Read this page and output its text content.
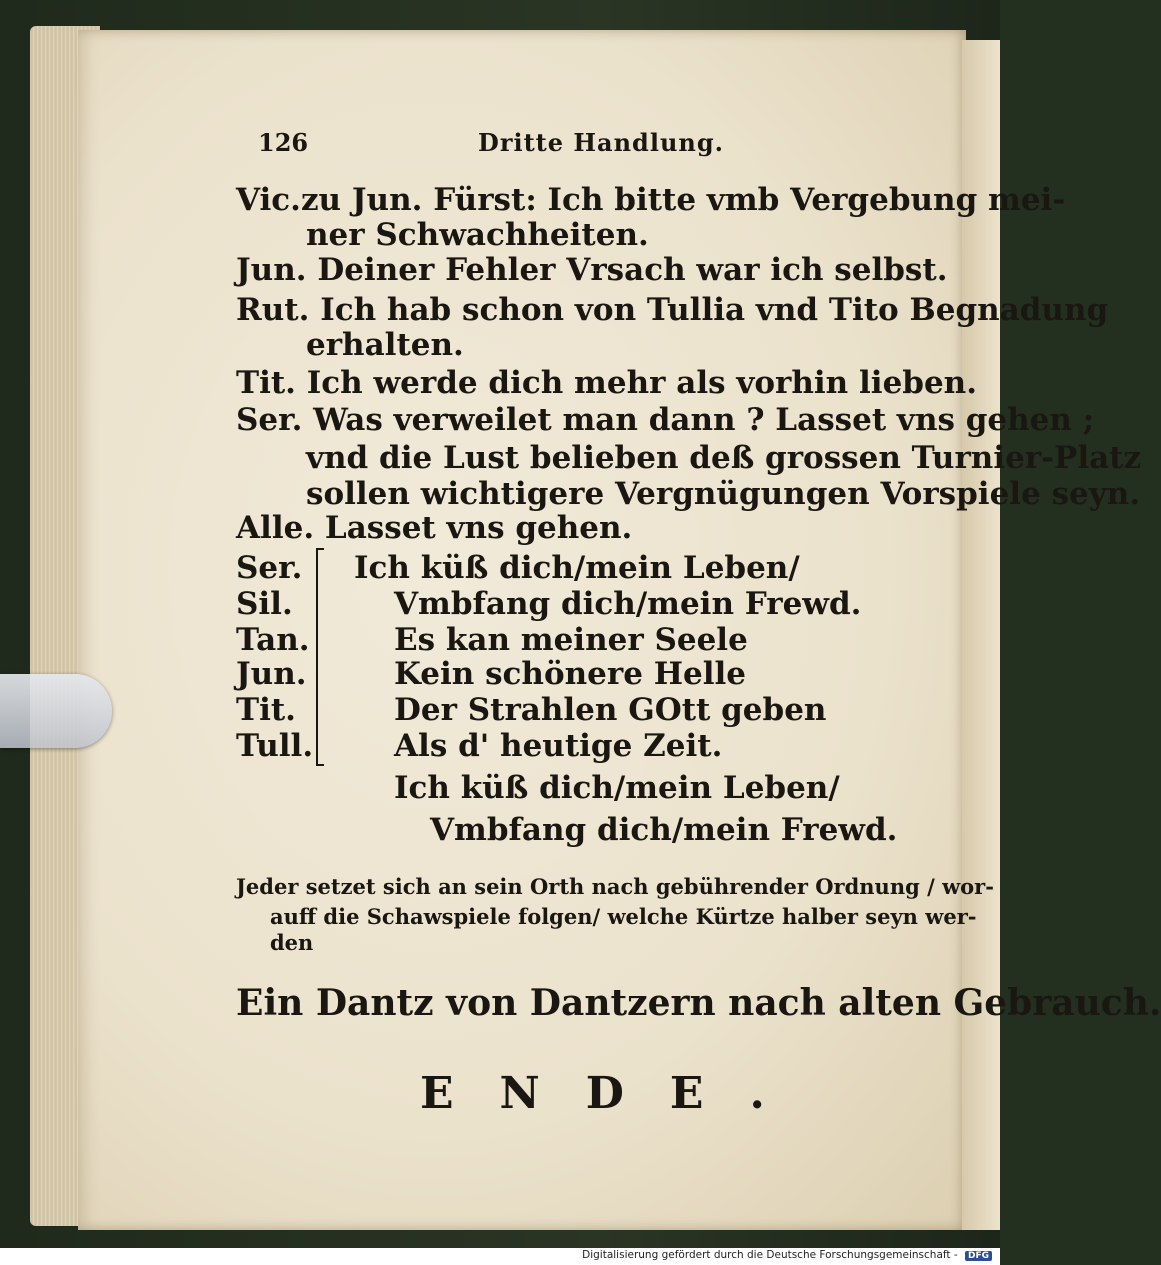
126	Dritte Handlung.
Vic.zu Jun. Fürst: Ich bitte vmb Vergebung mei-
ner Schwachheiten.
Jun. Deiner Fehler Vrsach war ich selbst.
Rut. Ich hab schon von Tullia vnd Tito Begnadung
erhalten.
Tit. Ich werde dich mehr als vorhin lieben.
Ser. Was verweilet man dann ? Lasset vns gehen ;
vnd die Lust belieben deß grossen Turnier-Platz
sollen wichtigere Vergnügungen Vorspiele seyn.
Alle. Lasset vns gehen.
Ser.
Sil.
Tan.
Jun.
Tit.
Tull.
Ich küß dich/mein Leben/
Vmbfang dich/mein Frewd.
Es kan meiner Seele
Kein schönere Helle
Der Strahlen GOtt geben
Als d' heutige Zeit.
Ich küß dich/mein Leben/
Vmbfang dich/mein Frewd.
Jeder setzet sich an sein Orth nach gebührender Ordnung / wor-
auff die Schawspiele folgen/ welche Kürtze halber seyn wer-
den
Ein Dantz von Dantzern nach alten Gebrauch.
ENDE.
Digitalisierung gefördert durch die Deutsche Forschungsgemeinschaft - DFG
